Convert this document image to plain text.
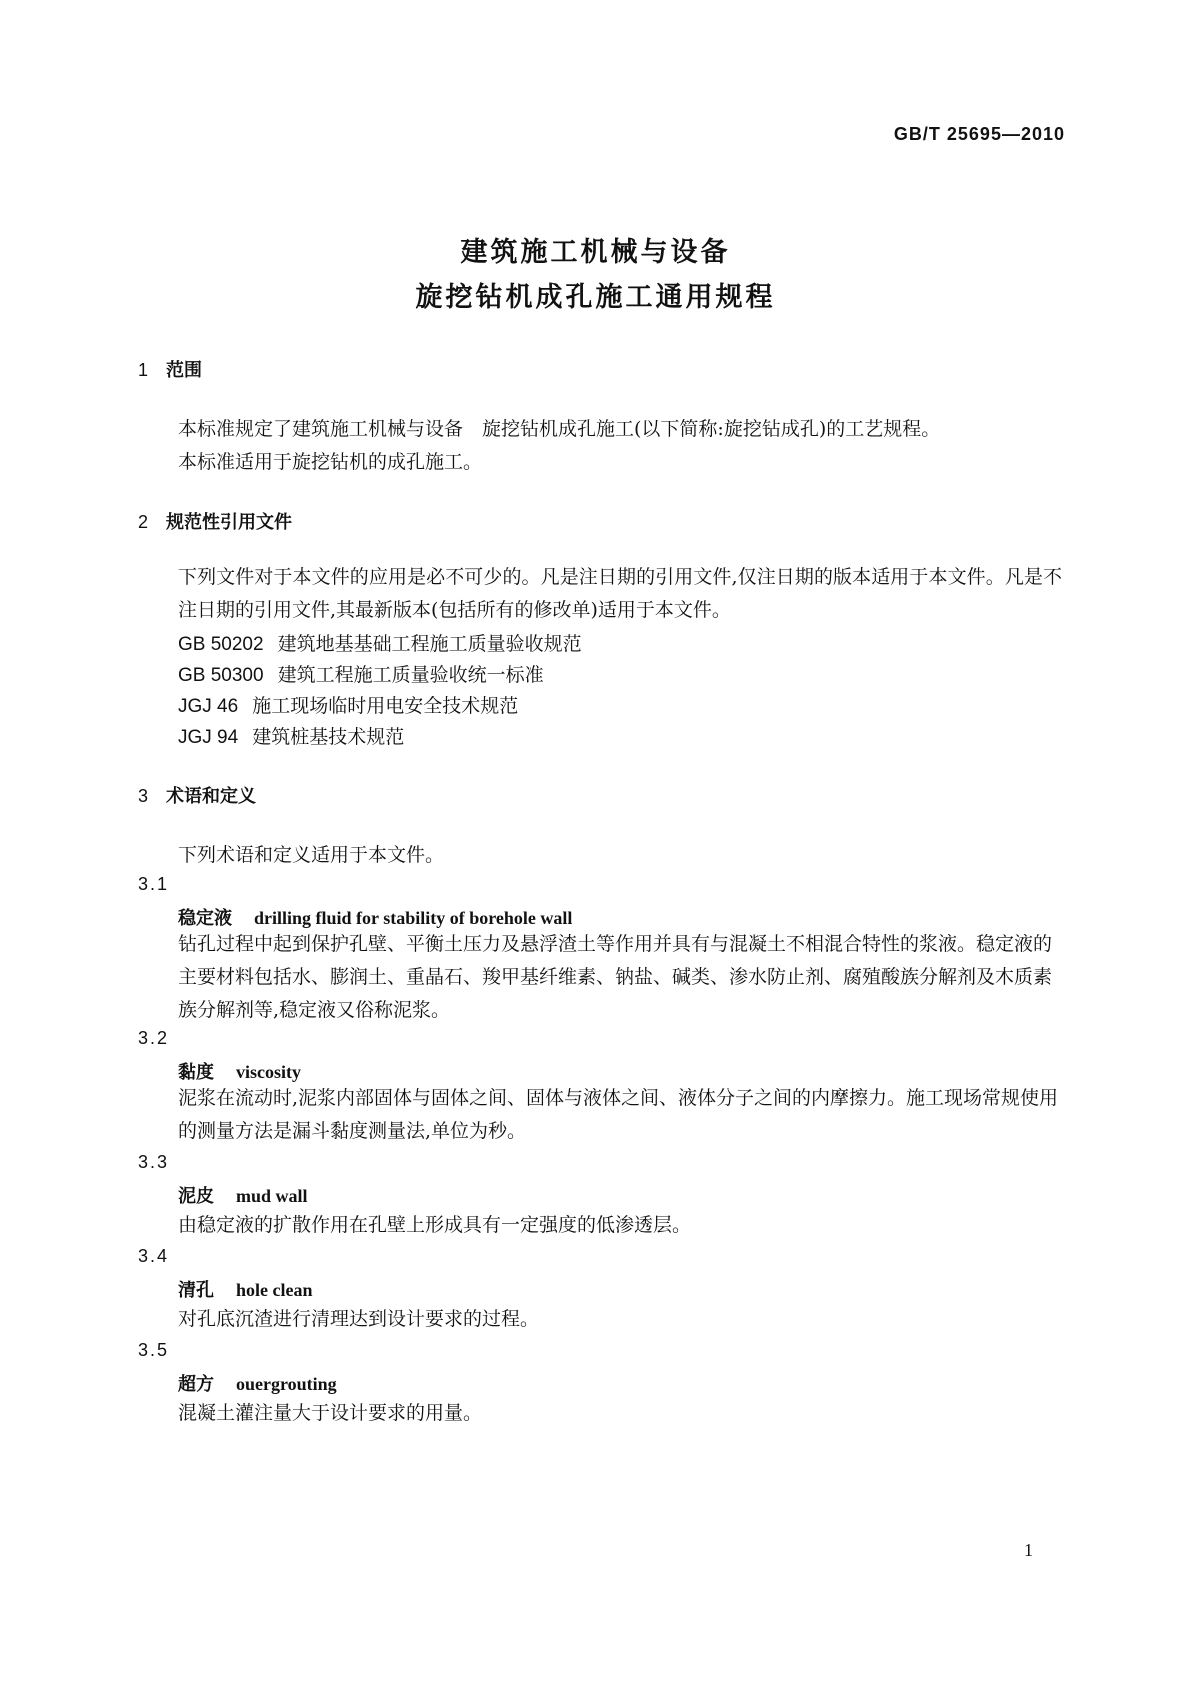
GB/T 25695—2010
建筑施工机械与设备
旋挖钻机成孔施工通用规程
1 范围
本标准规定了建筑施工机械与设备　旋挖钻机成孔施工(以下简称:旋挖钻成孔)的工艺规程。
本标准适用于旋挖钻机的成孔施工。
2 规范性引用文件
下列文件对于本文件的应用是必不可少的。凡是注日期的引用文件,仅注日期的版本适用于本文件。凡是不注日期的引用文件,其最新版本(包括所有的修改单)适用于本文件。
GB 50202 建筑地基基础工程施工质量验收规范
GB 50300 建筑工程施工质量验收统一标准
JGJ 46 施工现场临时用电安全技术规范
JGJ 94 建筑桩基技术规范
3 术语和定义
下列术语和定义适用于本文件。
3.1
稳定液 drilling fluid for stability of borehole wall
钻孔过程中起到保护孔壁、平衡土压力及悬浮渣土等作用并具有与混凝土不相混合特性的浆液。稳定液的主要材料包括水、膨润土、重晶石、羧甲基纤维素、钠盐、碱类、渗水防止剂、腐殖酸族分解剂及木质素族分解剂等,稳定液又俗称泥浆。
3.2
黏度 viscosity
泥浆在流动时,泥浆内部固体与固体之间、固体与液体之间、液体分子之间的内摩擦力。施工现场常规使用的测量方法是漏斗黏度测量法,单位为秒。
3.3
泥皮 mud wall
由稳定液的扩散作用在孔壁上形成具有一定强度的低渗透层。
3.4
清孔 hole clean
对孔底沉渣进行清理达到设计要求的过程。
3.5
超方 ouergrouting
混凝土灌注量大于设计要求的用量。
1
